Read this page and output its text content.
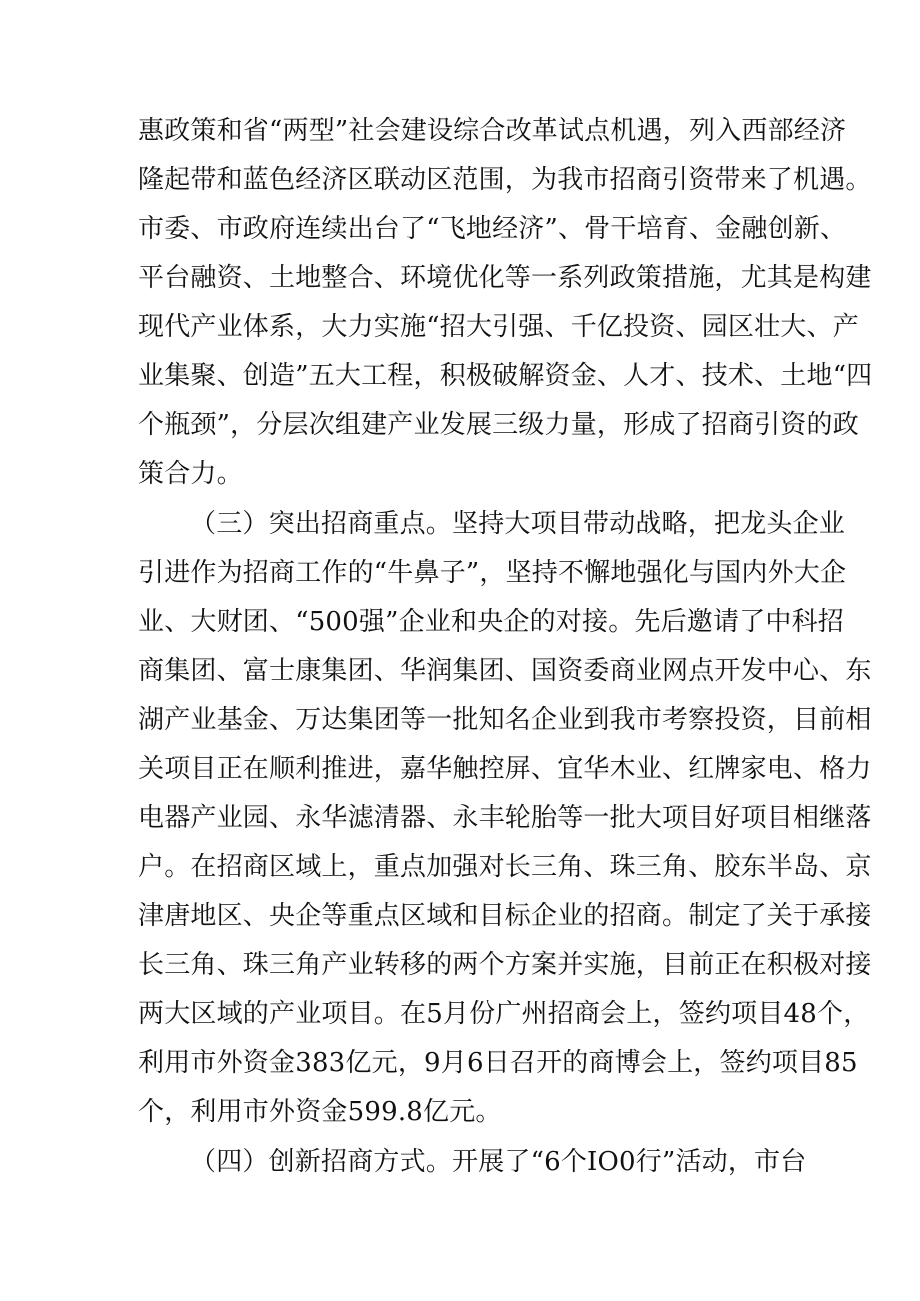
惠政策和省“两型”社会建设综合改革试点机遇，列入西部经济
隆起带和蓝色经济区联动区范围，为我市招商引资带来了机遇。
市委、市政府连续出台了“飞地经济”、骨干培育、金融创新、
平台融资、土地整合、环境优化等一系列政策措施，尤其是构建
现代产业体系，大力实施“招大引强、千亿投资、园区壮大、产
业集聚、创造”五大工程，积极破解资金、人才、技术、土地“四
个瓶颈”，分层次组建产业发展三级力量，形成了招商引资的政
策合力。
（三）突出招商重点。坚持大项目带动战略，把龙头企业
引进作为招商工作的“牛鼻子”，坚持不懈地强化与国内外大企
业、大财团、“500强”企业和央企的对接。先后邀请了中科招
商集团、富士康集团、华润集团、国资委商业网点开发中心、东
湖产业基金、万达集团等一批知名企业到我市考察投资，目前相
关项目正在顺利推进，嘉华触控屏、宜华木业、红牌家电、格力
电器产业园、永华滤清器、永丰轮胎等一批大项目好项目相继落
户。在招商区域上，重点加强对长三角、珠三角、胶东半岛、京
津唐地区、央企等重点区域和目标企业的招商。制定了关于承接
长三角、珠三角产业转移的两个方案并实施，目前正在积极对接
两大区域的产业项目。在5月份广州招商会上，签约项目48个，
利用市外资金383亿元，9月6日召开的商博会上，签约项目85
个，利用市外资金599.8亿元。
（四）创新招商方式。开展了“6个IO0行”活动，市台
